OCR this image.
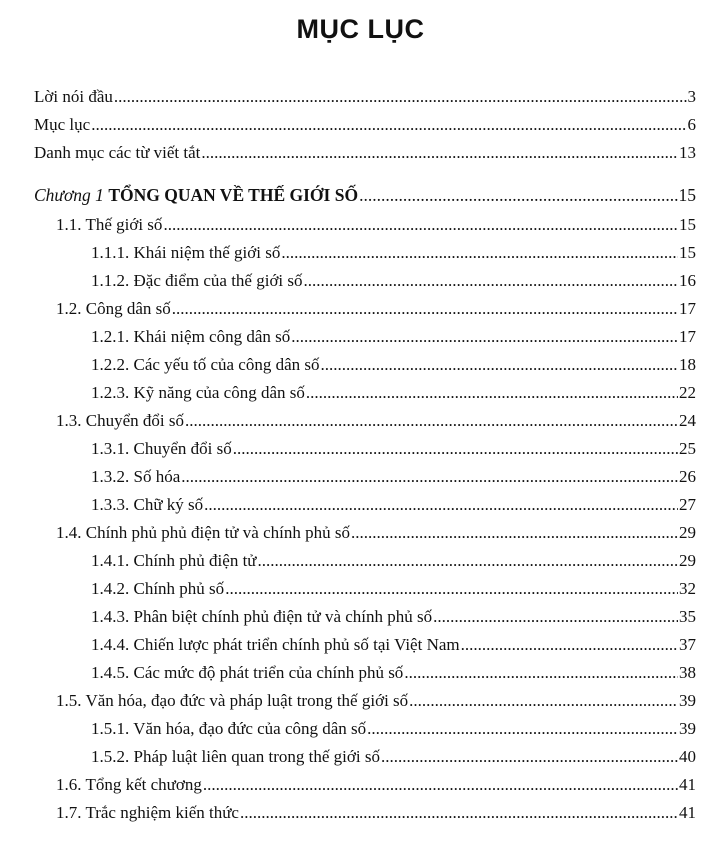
MỤC LỤC
Lời nói đầu .....	3
Mục lục .....	6
Danh mục các từ viết tắt .....	13
Chương 1 TỔNG QUAN VỀ THẾ GIỚI SỐ .....	15
1.1. Thế giới số .....	15
1.1.1. Khái niệm thế giới số .....	15
1.1.2. Đặc điểm của thế giới số .....	16
1.2. Công dân số .....	17
1.2.1. Khái niệm công dân số .....	17
1.2.2. Các yếu tố của công dân số .....	18
1.2.3. Kỹ năng của công dân số .....	22
1.3. Chuyển đổi số .....	24
1.3.1. Chuyển đổi số .....	25
1.3.2. Số hóa .....	26
1.3.3. Chữ ký số .....	27
1.4. Chính phủ phủ điện tử và chính phủ số .....	29
1.4.1. Chính phủ điện tử .....	29
1.4.2. Chính phủ số .....	32
1.4.3. Phân biệt chính phủ điện tử và chính phủ số .....	35
1.4.4. Chiến lược phát triển chính phủ số tại Việt Nam .....	37
1.4.5. Các mức độ phát triển của chính phủ số .....	38
1.5. Văn hóa, đạo đức và pháp luật trong thế giới số .....	39
1.5.1. Văn hóa, đạo đức của công dân số .....	39
1.5.2. Pháp luật liên quan trong thế giới số .....	40
1.6. Tổng kết chương .....	41
1.7. Trắc nghiệm kiến thức .....	41
